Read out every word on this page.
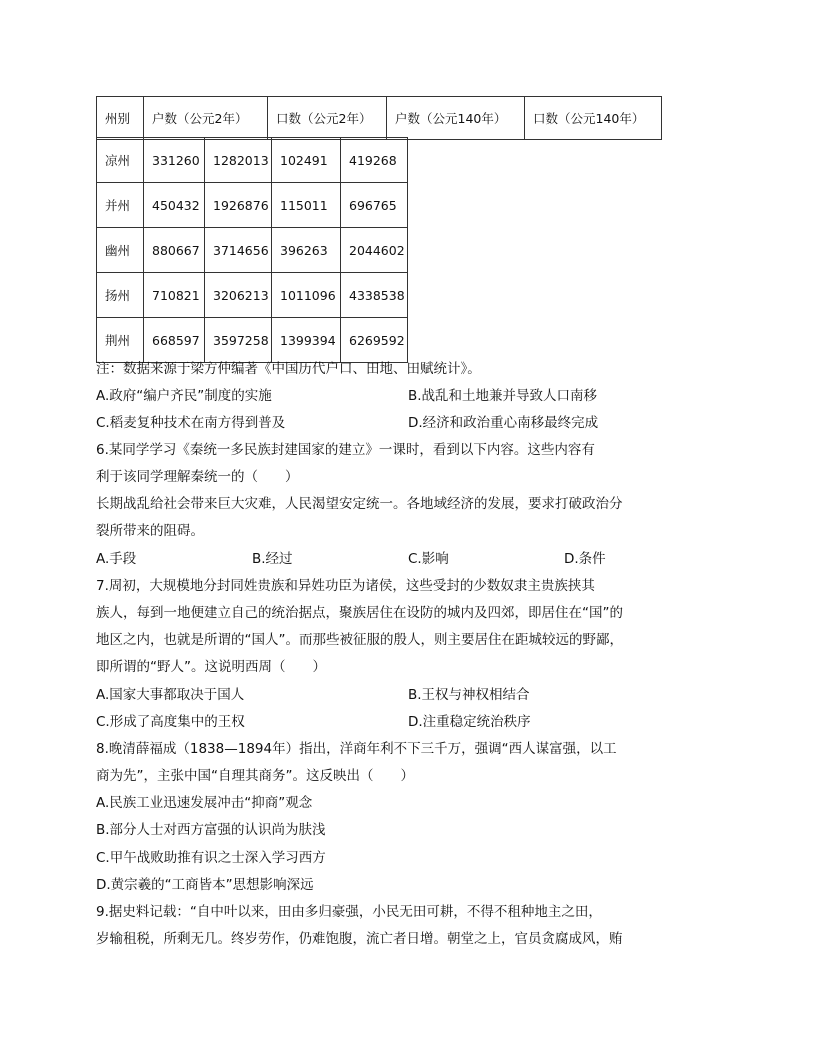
州别	户数（公元2年）	口数（公元2年）	户数（公元140年）	口数（公元140年）
凉州	331260	1282013	102491	419268
并州	450432	1926876	115011	696765
幽州	880667	3714656	396263	2044602
扬州	710821	3206213	1011096	4338538
荆州	668597	3597258	1399394	6269592
注：数据来源于梁方仲编著《中国历代户口、田地、田赋统计》。
A.政府“编户齐民”制度的实施	B.战乱和土地兼并导致人口南移
C.稻麦复种技术在南方得到普及	D.经济和政治重心南移最终完成
6.某同学学习《秦统一多民族封建国家的建立》一课时，看到以下内容。这些内容有
利于该同学理解秦统一的（　　）
长期战乱给社会带来巨大灾难，人民渴望安定统一。各地域经济的发展，要求打破政治分
裂所带来的阻碍。
A.手段	B.经过	C.影响	D.条件
7.周初，大规模地分封同姓贵族和异姓功臣为诸侯，这些受封的少数奴隶主贵族挟其
族人，每到一地便建立自己的统治据点，聚族居住在设防的城内及四郊，即居住在“国”的
地区之内，也就是所谓的“国人”。而那些被征服的殷人，则主要居住在距城较远的野鄙，
即所谓的“野人”。这说明西周（　　）
A.国家大事都取决于国人	B.王权与神权相结合
C.形成了高度集中的王权	D.注重稳定统治秩序
8.晚清薛福成（1838—1894年）指出，洋商年利不下三千万，强调“西人谋富强，以工
商为先”，主张中国“自理其商务”。这反映出（　　）
A.民族工业迅速发展冲击“抑商”观念
B.部分人士对西方富强的认识尚为肤浅
C.甲午战败助推有识之士深入学习西方
D.黄宗羲的“工商皆本”思想影响深远
9.据史料记载：“自中叶以来，田由多归豪强，小民无田可耕，不得不租种地主之田，
岁输租税，所剩无几。终岁劳作，仍难饱腹，流亡者日增。朝堂之上，官员贪腐成风，贿
